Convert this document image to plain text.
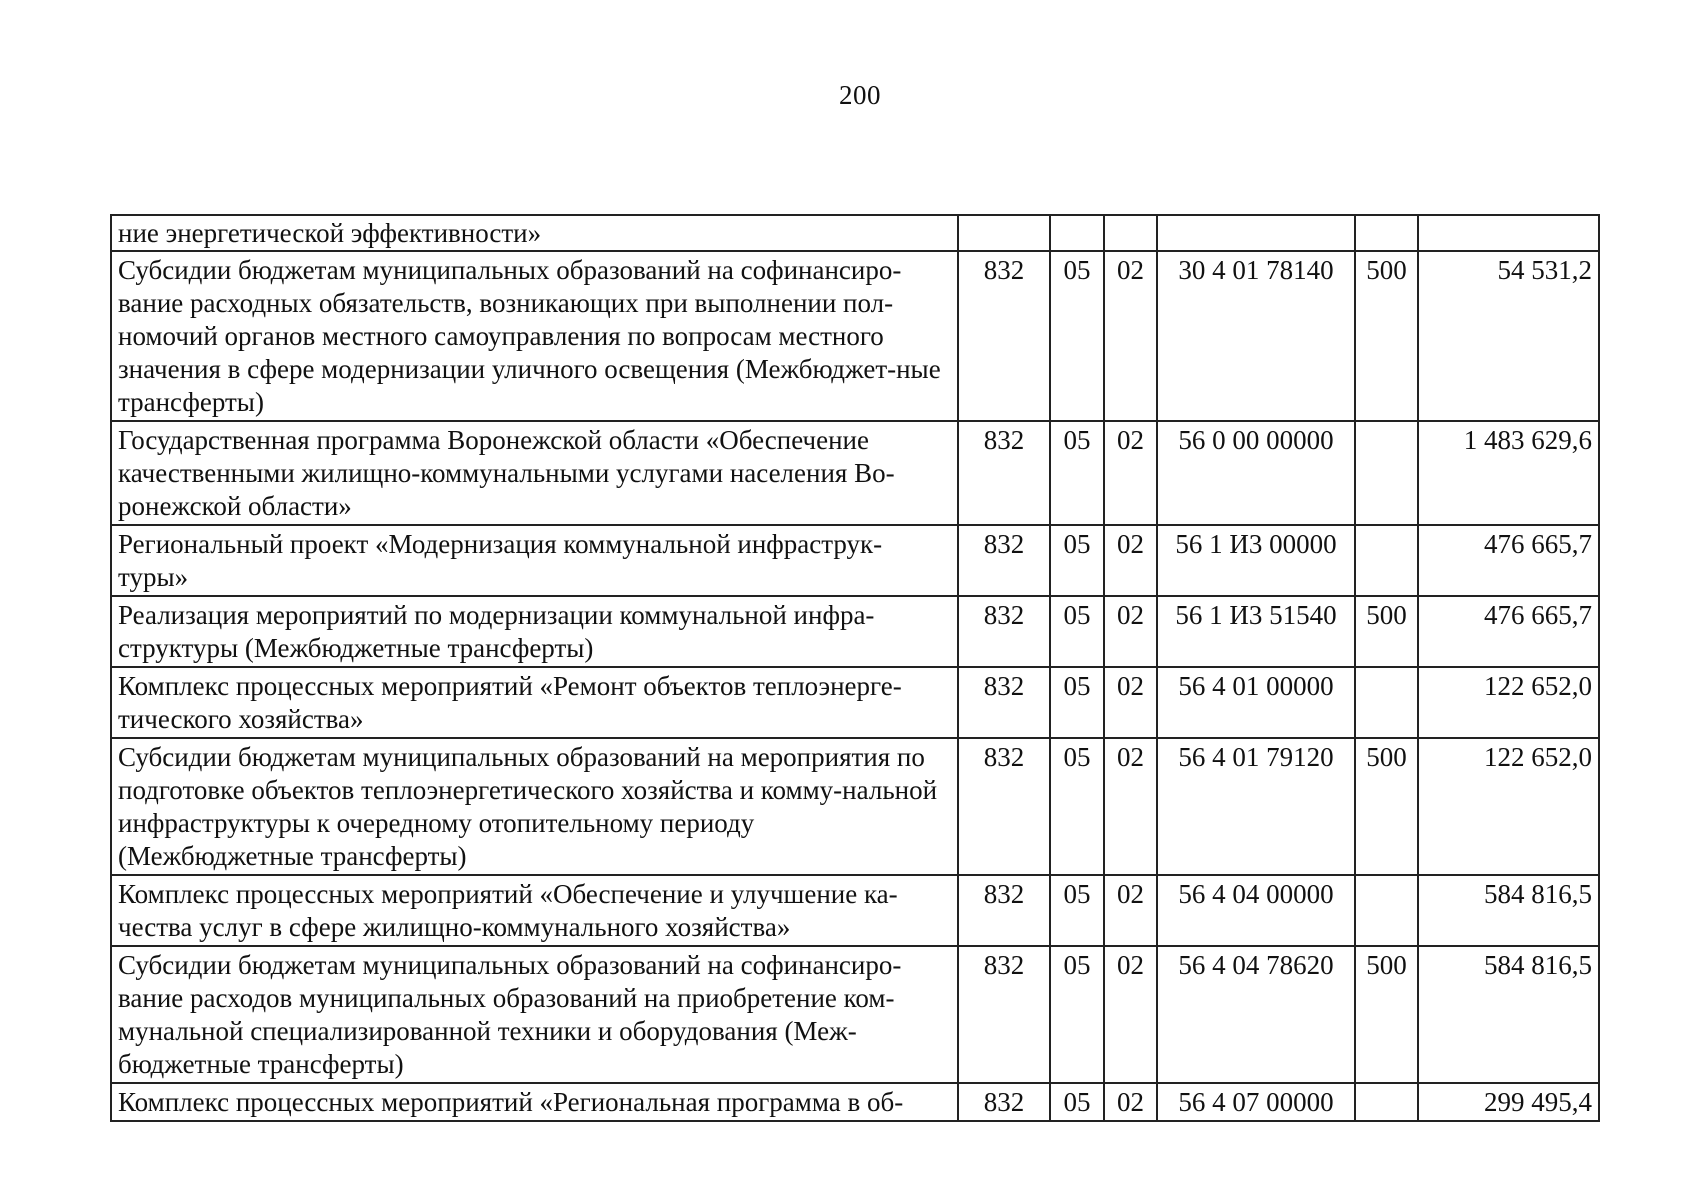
200
ние энергетической эффективности»						
Субсидии бюджетам муниципальных образований на софинансиро-вание расходных обязательств, возникающих при выполнении пол-номочий органов местного самоуправления по вопросам местного значения в сфере модернизации уличного освещения (Межбюджет-ные трансферты)	832	05	02	30 4 01 78140	500	54 531,2
Государственная программа Воронежской области «Обеспечение качественными жилищно-коммунальными услугами населения Во-ронежской области»	832	05	02	56 0 00 00000		1 483 629,6
Региональный проект «Модернизация коммунальной инфраструк-туры»	832	05	02	56 1 И3 00000		476 665,7
Реализация мероприятий по модернизации коммунальной инфра-структуры (Межбюджетные трансферты)	832	05	02	56 1 И3 51540	500	476 665,7
Комплекс процессных мероприятий «Ремонт объектов теплоэнерге-тического хозяйства»	832	05	02	56 4 01 00000		122 652,0
Субсидии бюджетам муниципальных образований на мероприятия по подготовке объектов теплоэнергетического хозяйства и комму-нальной инфраструктуры к очередному отопительному периоду (Межбюджетные трансферты)	832	05	02	56 4 01 79120	500	122 652,0
Комплекс процессных мероприятий «Обеспечение и улучшение ка-чества услуг в сфере жилищно-коммунального хозяйства»	832	05	02	56 4 04 00000		584 816,5
Субсидии бюджетам муниципальных образований на софинансиро-вание расходов муниципальных образований на приобретение ком-мунальной специализированной техники и оборудования (Меж-бюджетные трансферты)	832	05	02	56 4 04 78620	500	584 816,5
Комплекс процессных мероприятий «Региональная программа в об-	832	05	02	56 4 07 00000		299 495,4
